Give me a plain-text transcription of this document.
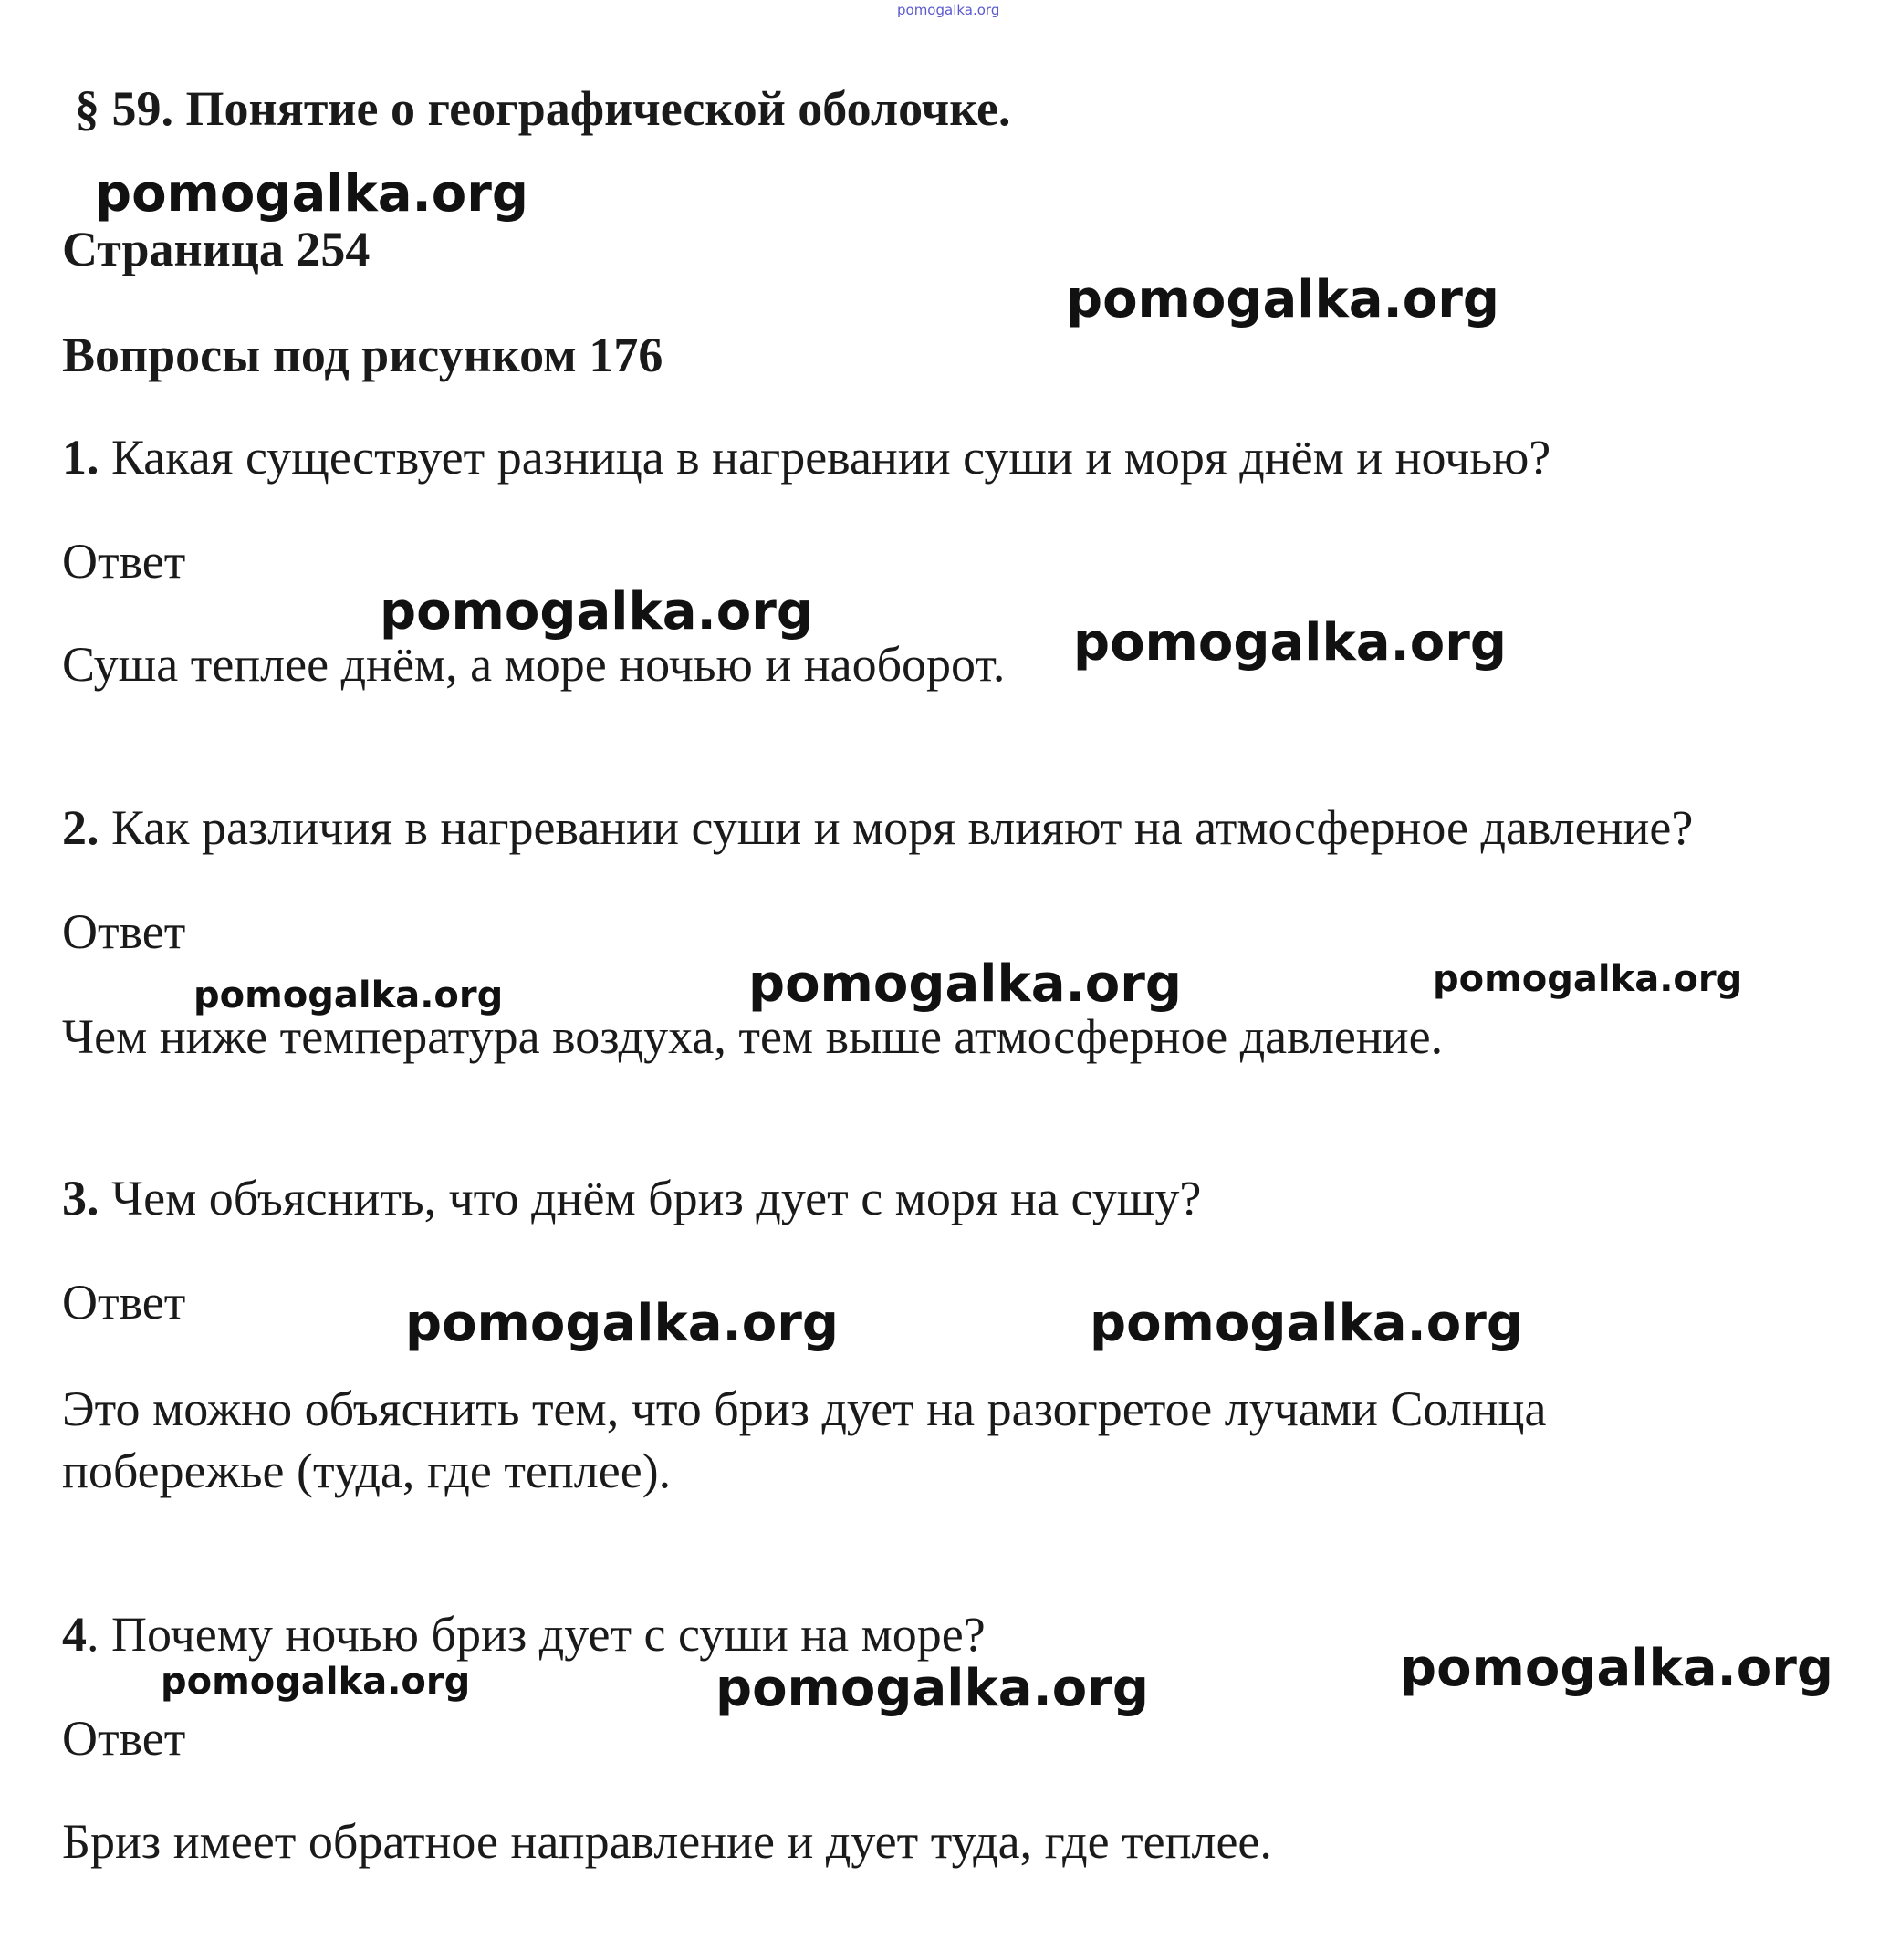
pomogalka.org
§ 59. Понятие о географической оболочке.
Страница 254
Вопросы под рисунком 176
1. Какая существует разница в нагревании суши и моря днём и ночью?
Ответ
Суша теплее днём, а море ночью и наоборот.
2. Как различия в нагревании суши и моря влияют на атмосферное давление?
Ответ
Чем ниже температура воздуха, тем выше атмосферное давление.
3. Чем объяснить, что днём бриз дует с моря на сушу?
Ответ
Это можно объяснить тем, что бриз дует на разогретое лучами Солнца побережье (туда, где теплее).
4. Почему ночью бриз дует с суши на море?
Ответ
Бриз имеет обратное направление и дует туда, где теплее.
pomogalka.org
pomogalka.org
pomogalka.org
pomogalka.org
pomogalka.org	pomogalka.org	pomogalka.org
pomogalka.org	pomogalka.org
pomogalka.org	pomogalka.org	pomogalka.org
